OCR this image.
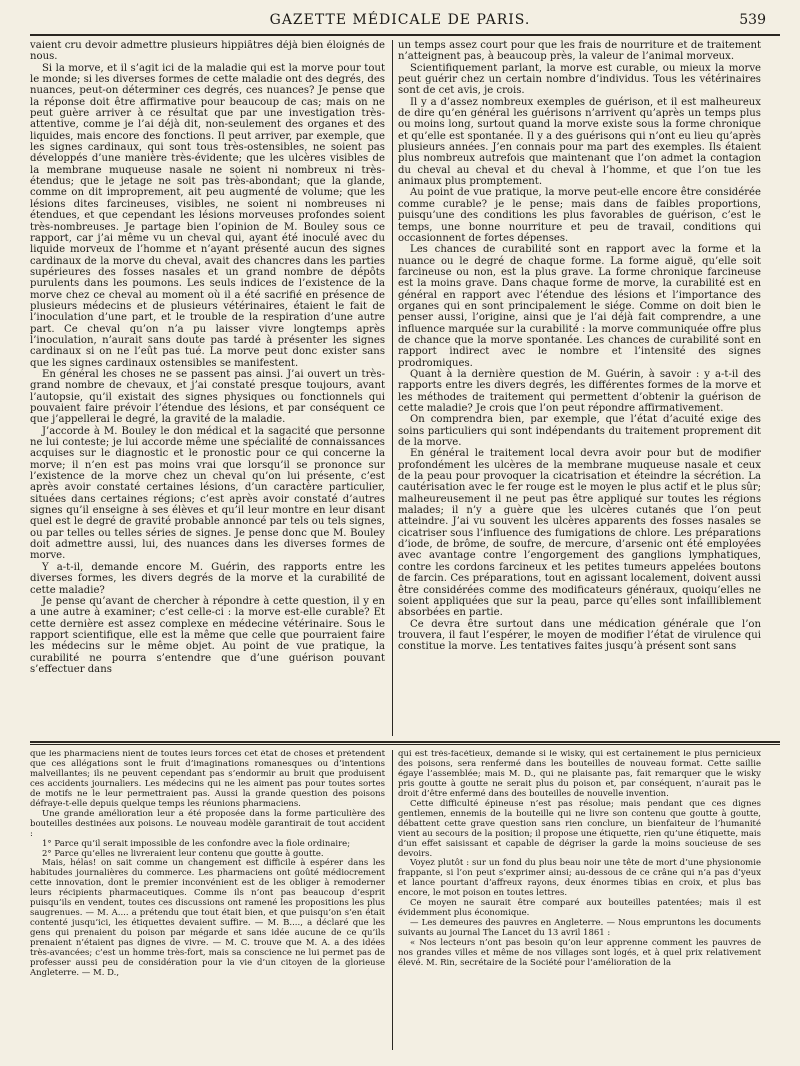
GAZETTE MÉDICALE DE PARIS.	539

vaient cru devoir admettre plusieurs hippiâtres déjà bien éloignés de nous.

Si la morve, et il s’agit ici de la maladie qui est la morve pour tout le monde; si les diverses formes de cette maladie ont des degrés, des nuances, peut-on déterminer ces degrés, ces nuances? Je pense que la réponse doit être affirmative pour beaucoup de cas; mais on ne peut guère arriver à ce résultat que par une investigation très-attentive, comme je l’ai déjà dit, non-seulement des organes et des liquides, mais encore des fonctions. Il peut arriver, par exemple, que les signes cardinaux, qui sont tous très-ostensibles, ne soient pas développés d’une manière très-évidente; que les ulcères visibles de la membrane muqueuse nasale ne soient ni nombreux ni très-étendus; que le jetage ne soit pas très-abondant; que la glande, comme on dit improprement, ait peu augmenté de volume; que les lésions dites farcineuses, visibles, ne soient ni nombreuses ni étendues, et que cependant les lésions morveuses profondes soient très-nombreuses. Je partage bien l’opinion de M. Bouley sous ce rapport, car j’ai même vu un cheval qui, ayant été inoculé avec du liquide morveux de l’homme et n’ayant présenté aucun des signes cardinaux de la morve du cheval, avait des chancres dans les parties supérieures des fosses nasales et un grand nombre de dépôts purulents dans les poumons. Les seuls indices de l’existence de la morve chez ce cheval au moment où il a été sacrifié en présence de plusieurs médecins et de plusieurs vétérinaires, étaient le fait de l’inoculation d’une part, et le trouble de la respiration d’une autre part. Ce cheval qu’on n’a pu laisser vivre longtemps après l’inoculation, n’aurait sans doute pas tardé à présenter les signes cardinaux si on ne l’eût pas tué. La morve peut donc exister sans que les signes cardinaux ostensibles se manifestent.

En général les choses ne se passent pas ainsi. J’ai ouvert un très-grand nombre de chevaux, et j’ai constaté presque toujours, avant l’autopsie, qu’il existait des signes physiques ou fonctionnels qui pouvaient faire prévoir l’étendue des lésions, et par conséquent ce que j’appellerai le degré, la gravité de la maladie.

J’accorde à M. Bouley le don médical et la sagacité que personne ne lui conteste; je lui accorde même une spécialité de connaissances acquises sur le diagnostic et le pronostic pour ce qui concerne la morve; il n’en est pas moins vrai que lorsqu’il se prononce sur l’existence de la morve chez un cheval qu’on lui présente, c’est après avoir constaté certaines lésions, d’un caractère particulier, situées dans certaines régions; c’est après avoir constaté d’autres signes qu’il enseigne à ses élèves et qu’il leur montre en leur disant quel est le degré de gravité probable annoncé par tels ou tels signes, ou par telles ou telles séries de signes. Je pense donc que M. Bouley doit admettre aussi, lui, des nuances dans les diverses formes de morve.

Y a-t-il, demande encore M. Guérin, des rapports entre les diverses formes, les divers degrés de la morve et la curabilité de cette maladie?

Je pense qu’avant de chercher à répondre à cette question, il y en a une autre à examiner; c’est celle-ci : la morve est-elle curable? Et cette dernière est assez complexe en médecine vétérinaire. Sous le rapport scientifique, elle est la même que celle que pourraient faire les médecins sur le même objet. Au point de vue pratique, la curabilité ne pourra s’entendre que d’une guérison pouvant s’effectuer dans

un temps assez court pour que les frais de nourriture et de traitement n’atteignent pas, à beaucoup près, la valeur de l’animal morveux.

Scientifiquement parlant, la morve est curable, ou mieux la morve peut guérir chez un certain nombre d’individus. Tous les vétérinaires sont de cet avis, je crois.

Il y a d’assez nombreux exemples de guérison, et il est malheureux de dire qu’en général les guérisons n’arrivent qu’après un temps plus ou moins long, surtout quand la morve existe sous la forme chronique et qu’elle est spontanée. Il y a des guérisons qui n’ont eu lieu qu’après plusieurs années. J’en connais pour ma part des exemples. Ils étaient plus nombreux autrefois que maintenant que l’on admet la contagion du cheval au cheval et du cheval à l’homme, et que l’on tue les animaux plus promptement.

Au point de vue pratique, la morve peut-elle encore être considérée comme curable? je le pense; mais dans de faibles proportions, puisqu’une des conditions les plus favorables de guérison, c’est le temps, une bonne nourriture et peu de travail, conditions qui occasionnent de fortes dépenses.

Les chances de curabilité sont en rapport avec la forme et la nuance ou le degré de chaque forme. La forme aiguë, qu’elle soit farcineuse ou non, est la plus grave. La forme chronique farcineuse est la moins grave. Dans chaque forme de morve, la curabilité est en général en rapport avec l’étendue des lésions et l’importance des organes qui en sont principalement le siége. Comme on doit bien le penser aussi, l’origine, ainsi que je l’ai déjà fait comprendre, a une influence marquée sur la curabilité : la morve communiquée offre plus de chance que la morve spontanée. Les chances de curabilité sont en rapport indirect avec le nombre et l’intensité des signes prodromiques.

Quant à la dernière question de M. Guérin, à savoir : y a-t-il des rapports entre les divers degrés, les différentes formes de la morve et les méthodes de traitement qui permettent d’obtenir la guérison de cette maladie? Je crois que l’on peut répondre affirmativement.

On comprendra bien, par exemple, que l’état d’acuité exige des soins particuliers qui sont indépendants du traitement proprement dit de la morve.

En général le traitement local devra avoir pour but de modifier profondément les ulcères de la membrane muqueuse nasale et ceux de la peau pour provoquer la cicatrisation et éteindre la sécrétion. La cautérisation avec le fer rouge est le moyen le plus actif et le plus sûr; malheureusement il ne peut pas être appliqué sur toutes les régions malades; il n’y a guère que les ulcères cutanés que l’on peut atteindre. J’ai vu souvent les ulcères apparents des fosses nasales se cicatriser sous l’influence des fumigations de chlore. Les préparations d’iode, de brôme, de soufre, de mercure, d’arsenic ont été employées avec avantage contre l’engorgement des ganglions lymphatiques, contre les cordons farcineux et les petites tumeurs appelées boutons de farcin. Ces préparations, tout en agissant localement, doivent aussi être considérées comme des modificateurs généraux, quoiqu’elles ne soient appliquées que sur la peau, parce qu’elles sont infailliblement absorbées en partie.

Ce devra être surtout dans une médication générale que l’on trouvera, il faut l’espérer, le moyen de modifier l’état de virulence qui constitue la morve. Les tentatives faites jusqu’à présent sont sans

que les pharmaciens nient de toutes leurs forces cet état de choses et prétendent que ces allégations sont le fruit d’imaginations romanesques ou d’intentions malveillantes; ils ne peuvent cependant pas s’endormir au bruit que produisent ces accidents journaliers. Les médecins qui ne les aiment pas pour toutes sortes de motifs ne le leur permettraient pas. Aussi la grande question des poisons défraye-t-elle depuis quelque temps les réunions pharmaciens.

Une grande amélioration leur a été proposée dans la forme particulière des bouteilles destinées aux poisons. Le nouveau modèle garantirait de tout accident :

1° Parce qu’il serait impossible de les confondre avec la fiole ordinaire;

2° Parce qu’elles ne livreraient leur contenu que goutte à goutte.

Mais, hélas! on sait comme un changement est difficile à espérer dans les habitudes journalières du commerce. Les pharmaciens ont goûté médiocrement cette innovation, dont le premier inconvénient est de les obliger à remoderner leurs récipients pharmaceutiques. Comme ils n’ont pas beaucoup d’esprit puisqu’ils en vendent, toutes ces discussions ont ramené les propositions les plus saugrenues. — M. A.... a prétendu que tout était bien, et que puisqu’on s’en était contenté jusqu’ici, les étiquettes devaient suffire. — M. B...., a déclaré que les gens qui prenaient du poison par mégarde et sans idée aucune de ce qu’ils prenaient n’étaient pas dignes de vivre. — M. C. trouve que M. A. a des idées très-avancées; c’est un homme très-fort, mais sa conscience ne lui permet pas de professer aussi peu de considération pour la vie d’un citoyen de la glorieuse Angleterre. — M. D.,

qui est très-facétieux, demande si le wisky, qui est certainement le plus pernicieux des poisons, sera renfermé dans les bouteilles de nouveau format. Cette saillie égaye l’assemblée; mais M. D., qui ne plaisante pas, fait remarquer que le wisky pris goutte à goutte ne serait plus du poison et, par conséquent, n’aurait pas le droit d’être enfermé dans des bouteilles de nouvelle invention.

Cette difficulté épineuse n’est pas résolue; mais pendant que ces dignes gentlemen, ennemis de la bouteille qui ne livre son contenu que goutte à goutte, débattent cette grave question sans rien conclure, un bienfaiteur de l’humanité vient au secours de la position; il propose une étiquette, rien qu’une étiquette, mais d’un effet saisissant et capable de dégriser la garde la moins soucieuse de ses devoirs.

Voyez plutôt : sur un fond du plus beau noir une tête de mort d’une physionomie frappante, si l’on peut s’exprimer ainsi; au-dessous de ce crâne qui n’a pas d’yeux et lance pourtant d’affreux rayons, deux énormes tibias en croix, et plus bas encore, le mot poison en toutes lettres.

Ce moyen ne saurait être comparé aux bouteilles patentées; mais il est évidemment plus économique.

— Les demeures des pauvres en Angleterre. — Nous empruntons les documents suivants au journal The Lancet du 13 avril 1861 :

« Nos lecteurs n’ont pas besoin qu’on leur apprenne comment les pauvres de nos grandes villes et même de nos villages sont logés, et à quel prix relativement élevé. M. Rin, secrétaire de la Société pour l’amélioration de la
